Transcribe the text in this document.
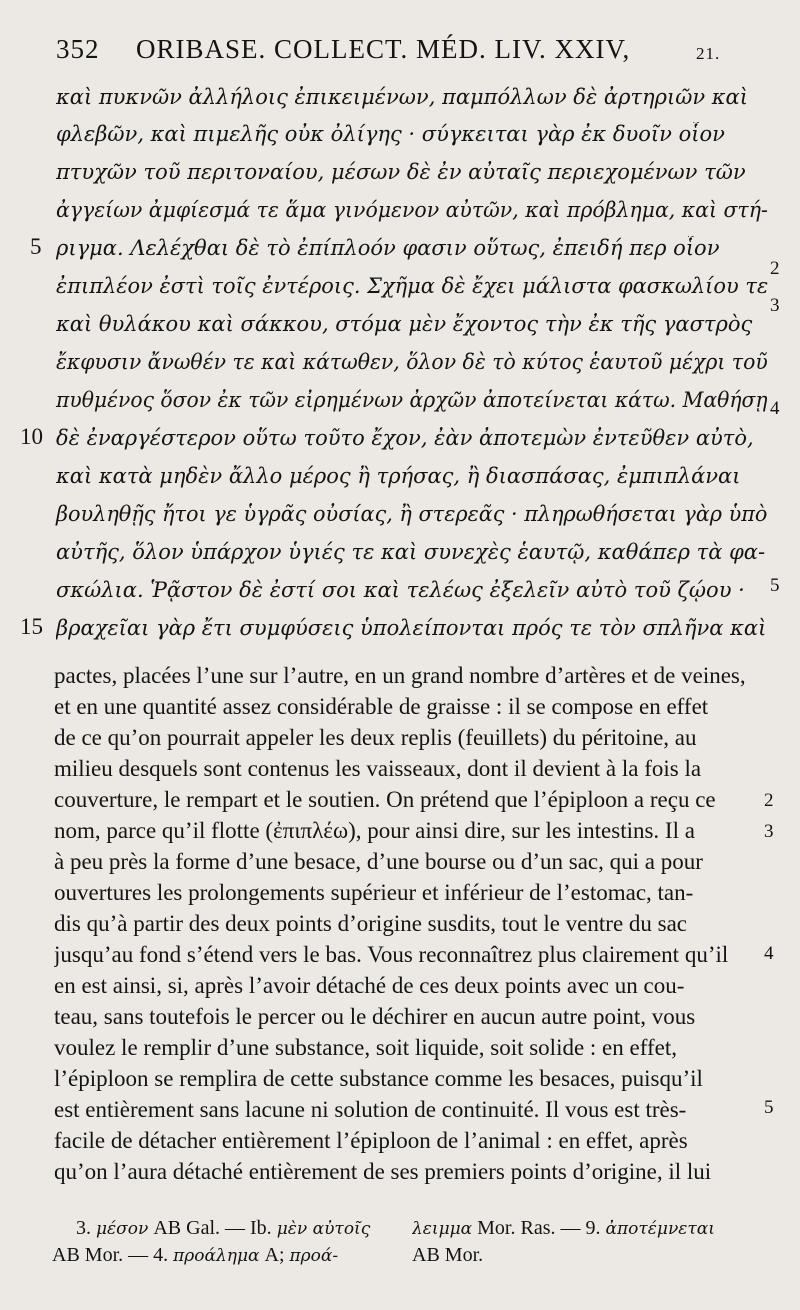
352 ORIBASE. COLLECT. MÉD. LIV. XXIV,	21.
καὶ πυκνῶν ἀλλήλοις ἐπικειμένων, παμπόλλων δὲ ἀρτηριῶν καὶ
φλεβῶν, καὶ πιμελῆς οὐκ ὀλίγης · σύγκειται γὰρ ἐκ δυοῖν οἷον
πτυχῶν τοῦ περιτοναίου, μέσων δὲ ἐν αὐταῖς περιεχομένων τῶν
ἀγγείων ἀμφίεσμά τε ἅμα γινόμενον αὐτῶν, καὶ πρόβλημα, καὶ στή-
ριγμα. Λελέχθαι δὲ τὸ ἐπίπλοόν φασιν οὕτως, ἐπειδή περ οἷον
ἐπιπλέον ἐστὶ τοῖς ἐντέροις. Σχῆμα δὲ ἔχει μάλιστα φασκωλίου τε
καὶ θυλάκου καὶ σάκκου, στόμα μὲν ἔχοντος τὴν ἐκ τῆς γαστρὸς
ἔκφυσιν ἄνωθέν τε καὶ κάτωθεν, ὅλον δὲ τὸ κύτος ἑαυτοῦ μέχρι τοῦ
πυθμένος ὅσον ἐκ τῶν εἰρημένων ἀρχῶν ἀποτείνεται κάτω. Μαθήσῃ
δὲ ἐναργέστερον οὕτω τοῦτο ἔχον, ἐὰν ἀποτεμὼν ἐντεῦθεν αὐτὸ,
καὶ κατὰ μηδὲν ἄλλο μέρος ἢ τρήσας, ἢ διασπάσας, ἐμπιπλάναι
βουληθῇς ἤτοι γε ὑγρᾶς οὐσίας, ἢ στερεᾶς · πληρωθήσεται γὰρ ὑπὸ
αὐτῆς, ὅλον ὑπάρχον ὑγιές τε καὶ συνεχὲς ἑαυτῷ, καθάπερ τὰ φα-
σκώλια. Ῥᾷστον δὲ ἐστί σοι καὶ τελέως ἐξελεῖν αὐτὸ τοῦ ζῴου ·
βραχεῖαι γὰρ ἔτι συμφύσεις ὑπολείπονται πρός τε τὸν σπλῆνα καὶ
5
10
15
2
3
4
5
pactes, placées l’une sur l’autre, en un grand nombre d’artères et de veines,
et en une quantité assez considérable de graisse : il se compose en effet
de ce qu’on pourrait appeler les deux replis (feuillets) du péritoine, au
milieu desquels sont contenus les vaisseaux, dont il devient à la fois la
couverture, le rempart et le soutien. On prétend que l’épiploon a reçu ce
nom, parce qu’il flotte (ἐπιπλέω), pour ainsi dire, sur les intestins. Il a
à peu près la forme d’une besace, d’une bourse ou d’un sac, qui a pour
ouvertures les prolongements supérieur et inférieur de l’estomac, tan-
dis qu’à partir des deux points d’origine susdits, tout le ventre du sac
jusqu’au fond s’étend vers le bas. Vous reconnaîtrez plus clairement qu’il
en est ainsi, si, après l’avoir détaché de ces deux points avec un cou-
teau, sans toutefois le percer ou le déchirer en aucun autre point, vous
voulez le remplir d’une substance, soit liquide, soit solide : en effet,
l’épiploon se remplira de cette substance comme les besaces, puisqu’il
est entièrement sans lacune ni solution de continuité. Il vous est très-
facile de détacher entièrement l’épiploon de l’animal : en effet, après
qu’on l’aura détaché entièrement de ses premiers points d’origine, il lui
2
3
4
5
3. μέσον AB Gal. — Ib. μὲν αὐτοῖς
AB Mor. — 4. προάλημα A; προά-
λειμμα Mor. Ras. — 9. ἀποτέμνεται
AB Mor.
